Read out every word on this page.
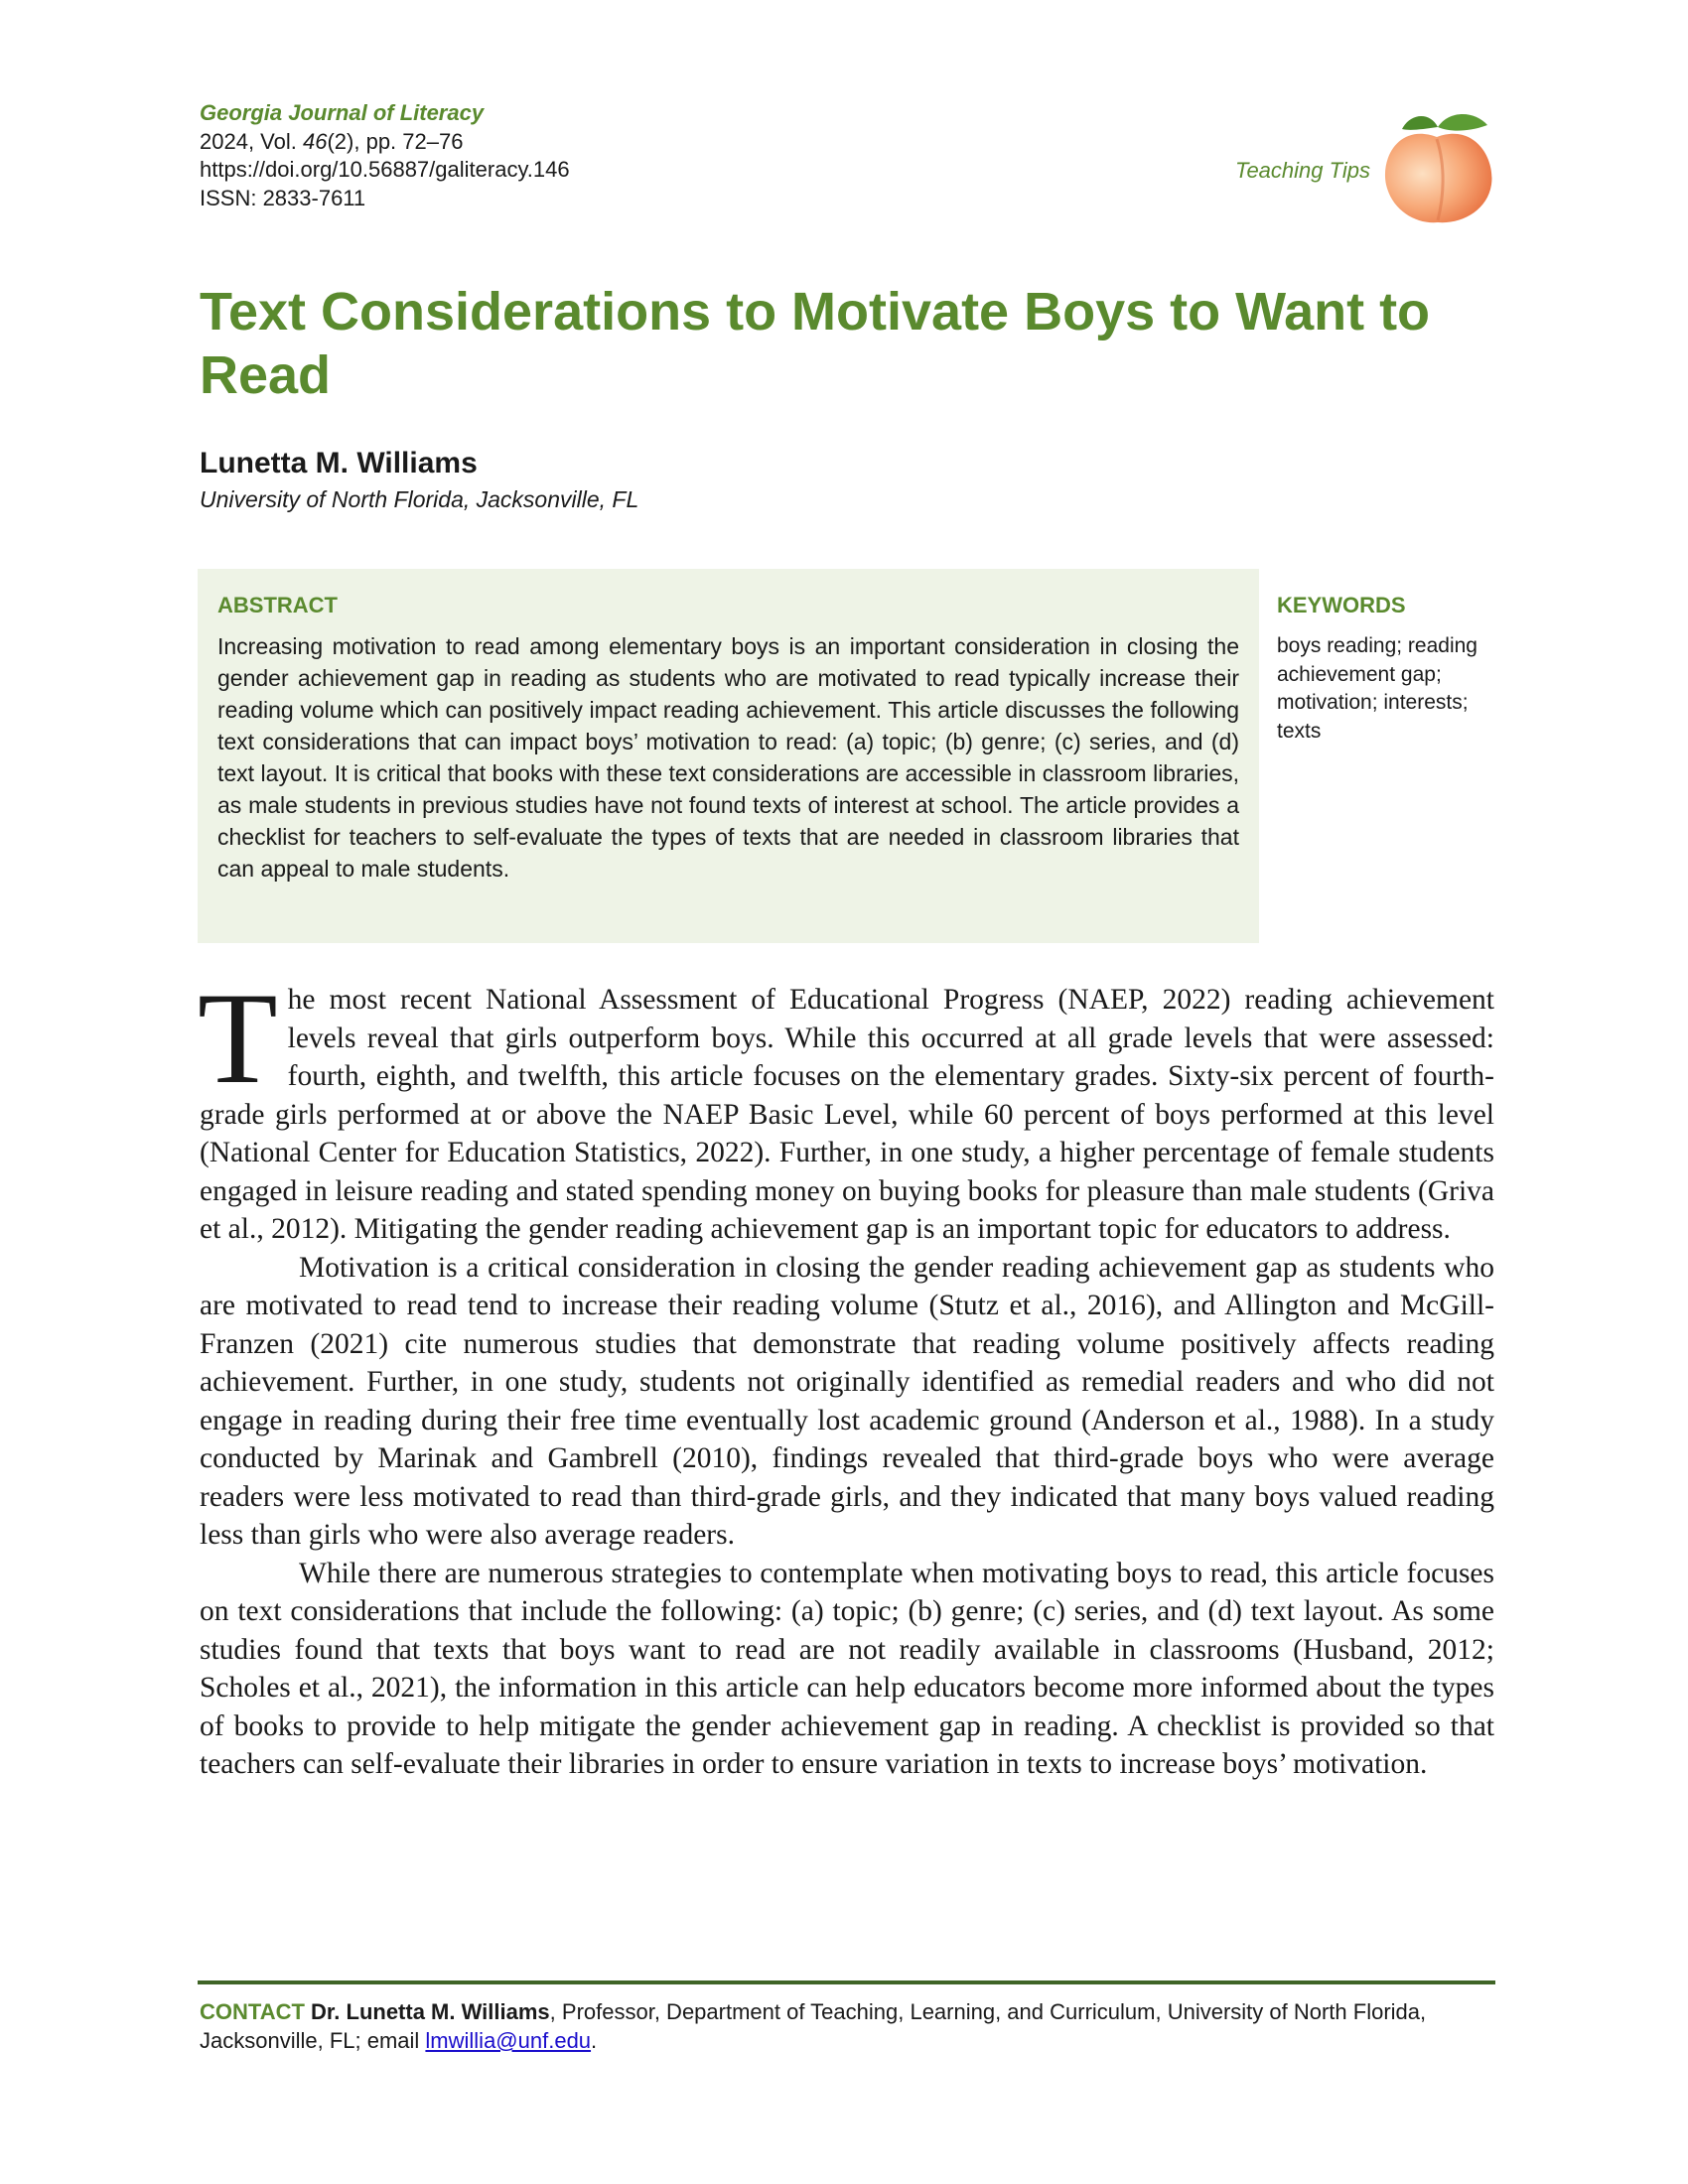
Georgia Journal of Literacy
2024, Vol. 46(2), pp. 72–76
https://doi.org/10.56887/galiteracy.146
ISSN: 2833-7611
Teaching Tips
Text Considerations to Motivate Boys to Want to Read
Lunetta M. Williams
University of North Florida, Jacksonville, FL
ABSTRACT
Increasing motivation to read among elementary boys is an important consideration in closing the gender achievement gap in reading as students who are motivated to read typically increase their reading volume which can positively impact reading achievement. This article discusses the following text considerations that can impact boys’ motivation to read: (a) topic; (b) genre; (c) series, and (d) text layout. It is critical that books with these text considerations are accessible in classroom libraries, as male students in previous studies have not found texts of interest at school. The article provides a checklist for teachers to self-evaluate the types of texts that are needed in classroom libraries that can appeal to male students.
KEYWORDS
boys reading; reading achievement gap; motivation; interests; texts

The most recent National Assessment of Educational Progress (NAEP, 2022) reading achievement levels reveal that girls outperform boys. While this occurred at all grade levels that were assessed: fourth, eighth, and twelfth, this article focuses on the elementary grades. Sixty-six percent of fourth-grade girls performed at or above the NAEP Basic Level, while 60 percent of boys performed at this level (National Center for Education Statistics, 2022). Further, in one study, a higher percentage of female students engaged in leisure reading and stated spending money on buying books for pleasure than male students (Griva et al., 2012). Mitigating the gender reading achievement gap is an important topic for educators to address.

Motivation is a critical consideration in closing the gender reading achievement gap as students who are motivated to read tend to increase their reading volume (Stutz et al., 2016), and Allington and McGill-Franzen (2021) cite numerous studies that demonstrate that reading volume positively affects reading achievement. Further, in one study, students not originally identified as remedial readers and who did not engage in reading during their free time eventually lost academic ground (Anderson et al., 1988). In a study conducted by Marinak and Gambrell (2010), findings revealed that third-grade boys who were average readers were less motivated to read than third-grade girls, and they indicated that many boys valued reading less than girls who were also average readers.

While there are numerous strategies to contemplate when motivating boys to read, this article focuses on text considerations that include the following: (a) topic; (b) genre; (c) series, and (d) text layout. As some studies found that texts that boys want to read are not readily available in classrooms (Husband, 2012; Scholes et al., 2021), the information in this article can help educators become more informed about the types of books to provide to help mitigate the gender achievement gap in reading. A checklist is provided so that teachers can self-evaluate their libraries in order to ensure variation in texts to increase boys’ motivation.

CONTACT Dr. Lunetta M. Williams, Professor, Department of Teaching, Learning, and Curriculum, University of North Florida, Jacksonville, FL; email lmwillia@unf.edu.
